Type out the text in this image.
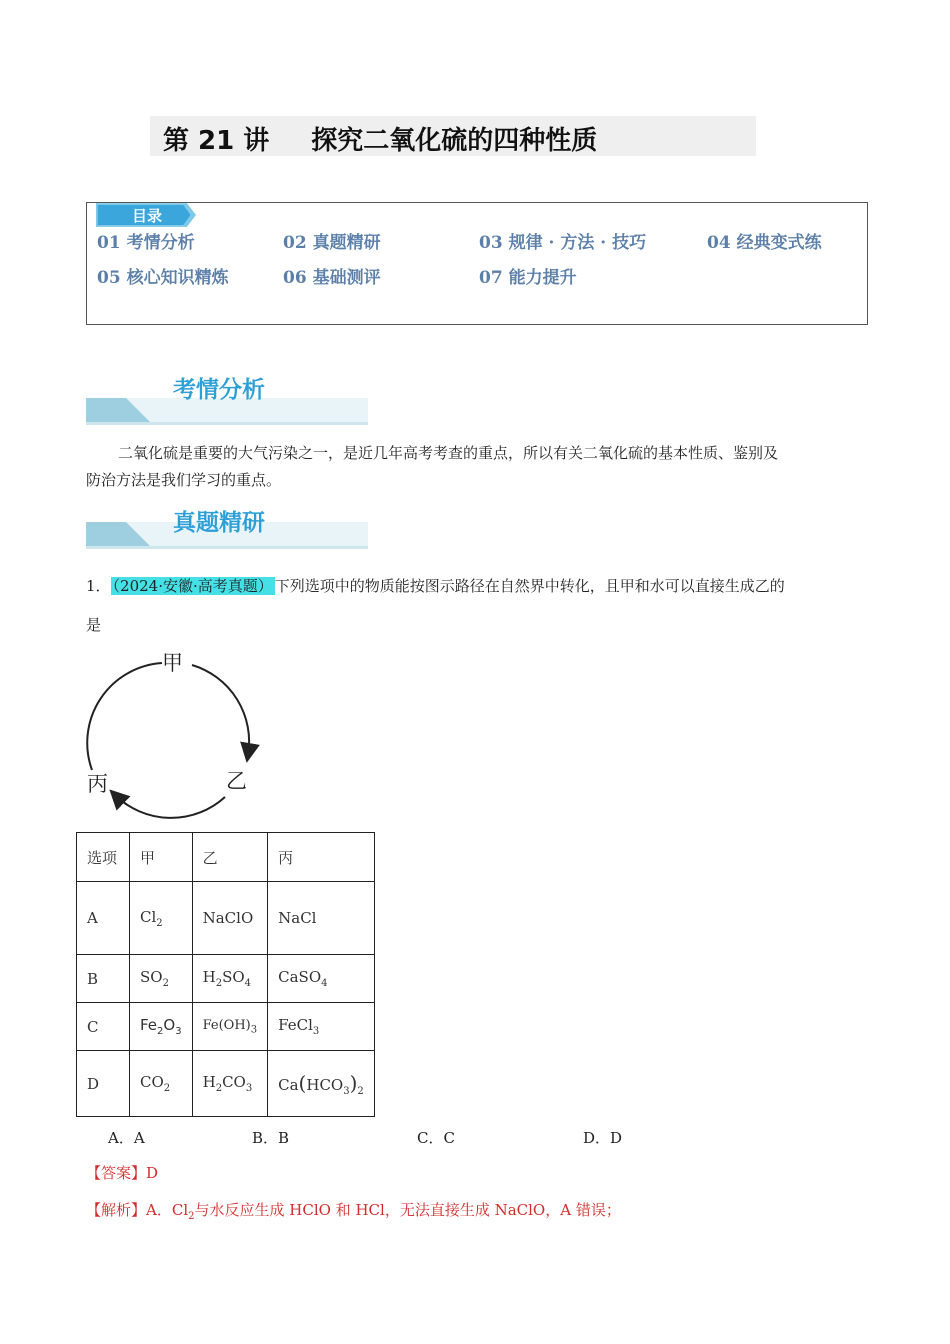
第 21 讲 探究二氧化硫的四种性质
目录
01 考情分析	02 真题精研	03 规律 · 方法 · 技巧	04 经典变式练
05 核心知识精炼	06 基础测评	07 能力提升
考情分析
二氧化硫是重要的大气污染之一，是近几年高考考查的重点，所以有关二氧化硫的基本性质、鉴别及
防治方法是我们学习的重点。
真题精研
1． （2024·安徽·高考真题） 下列选项中的物质能按图示路径在自然界中转化，且甲和水可以直接生成乙的
是
甲
乙
丙
选项	甲	乙	丙
A	$Cl_2$	NaClO	NaCl
B	$SO_2$	$H_2SO_4$	CaSO$_4$
C	$Fe_2O_3$	$Fe(OH)_3$	FeCl$_3$
D	$CO_2$	$H_2CO_3$	$Ca(HCO_3)_2$
A．A	B．B	C．C	D．D
【答案】D
【解析】A．$Cl_2$与水反应生成 HClO 和 HCl，无法直接生成 NaClO，A 错误；
